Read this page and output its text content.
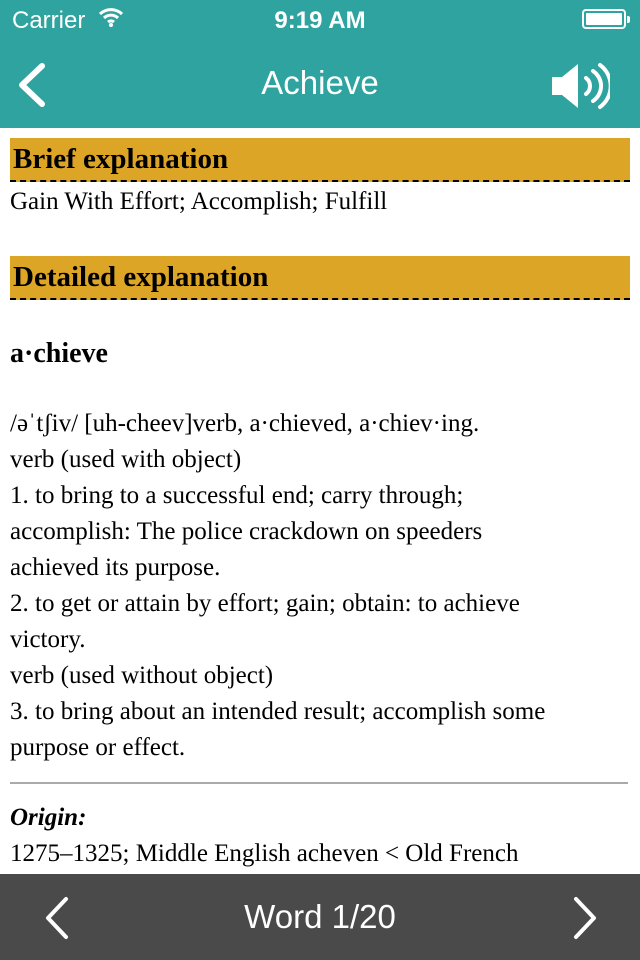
Carrier	9:19 AM
Achieve
Brief explanation
Gain With Effort; Accomplish; Fulfill
Detailed explanation
a·chieve
/əˈtʃiv/ [uh-cheev]verb, a·chieved, a·chiev·ing.
verb (used with object)
1. to bring to a successful end; carry through;
accomplish: The police crackdown on speeders
achieved its purpose.
2. to get or attain by effort; gain; obtain: to achieve
victory.
verb (used without object)
3. to bring about an intended result; accomplish some
purpose or effect.
Origin:
1275–1325; Middle English acheven < Old French
Word 1/20
